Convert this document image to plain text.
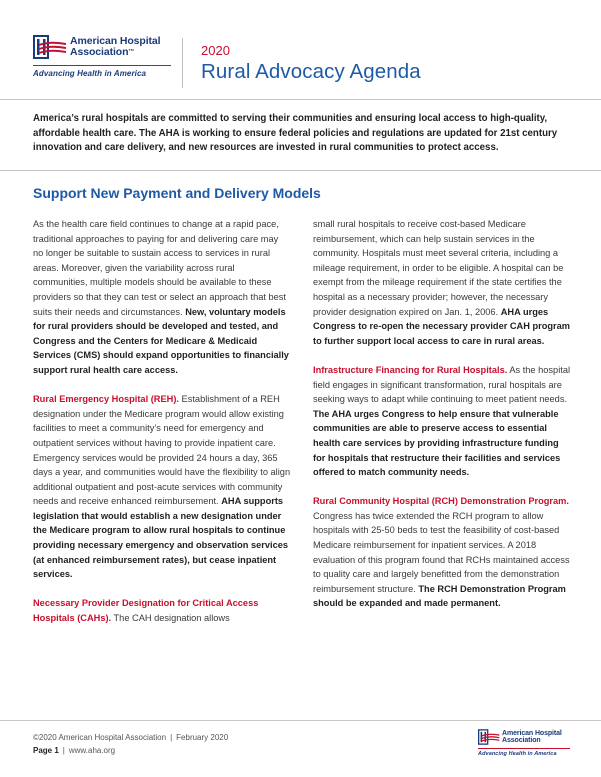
American Hospital
Association™
Advancing Health in America
2020
Rural Advocacy Agenda
America’s rural hospitals are committed to serving their communities and ensuring local access to high-quality, affordable health care. The AHA is working to ensure federal policies and regulations are updated for 21st century innovation and care delivery, and new resources are invested in rural communities to protect access.
Support New Payment and Delivery Models

As the health care field continues to change at a rapid pace, traditional approaches to paying for and delivering care may no longer be suitable to sustain access to services in rural areas. Moreover, given the variability across rural communities, multiple models should be available to these providers so that they can test or select an approach that best suits their needs and circumstances. New, voluntary models for rural providers should be developed and tested, and Congress and the Centers for Medicare & Medicaid Services (CMS) should expand opportunities to financially support rural health care access.

Rural Emergency Hospital (REH). Establishment of a REH designation under the Medicare program would allow existing facilities to meet a community’s need for emergency and outpatient services without having to provide inpatient care. Emergency services would be provided 24 hours a day, 365 days a year, and communities would have the flexibility to align additional outpatient and post-acute services with community needs and receive enhanced reimbursement. AHA supports legislation that would establish a new designation under the Medicare program to allow rural hospitals to continue providing necessary emergency and observation services (at enhanced reimbursement rates), but cease inpatient services.

Necessary Provider Designation for Critical Access Hospitals (CAHs). The CAH designation allows

small rural hospitals to receive cost-based Medicare reimbursement, which can help sustain services in the community. Hospitals must meet several criteria, including a mileage requirement, in order to be eligible. A hospital can be exempt from the mileage requirement if the state certifies the hospital as a necessary provider; however, the necessary provider designation expired on Jan. 1, 2006. AHA urges Congress to re-open the necessary provider CAH program to further support local access to care in rural areas.

Infrastructure Financing for Rural Hospitals. As the hospital field engages in significant transformation, rural hospitals are seeking ways to adapt while continuing to meet patient needs. The AHA urges Congress to help ensure that vulnerable communities are able to preserve access to essential health care services by providing infrastructure funding for hospitals that restructure their facilities and services offered to match community needs.

Rural Community Hospital (RCH) Demonstration Program. Congress has twice extended the RCH program to allow hospitals with 25-50 beds to test the feasibility of cost-based Medicare reimbursement for inpatient services. A 2018 evaluation of this program found that RCHs maintained access to quality care and largely benefitted from the demonstration reimbursement structure. The RCH Demonstration Program should be expanded and made permanent.

©2020 American Hospital Association | February 2020
Page 1 | www.aha.org
American Hospital
Association
Advancing Health in America
